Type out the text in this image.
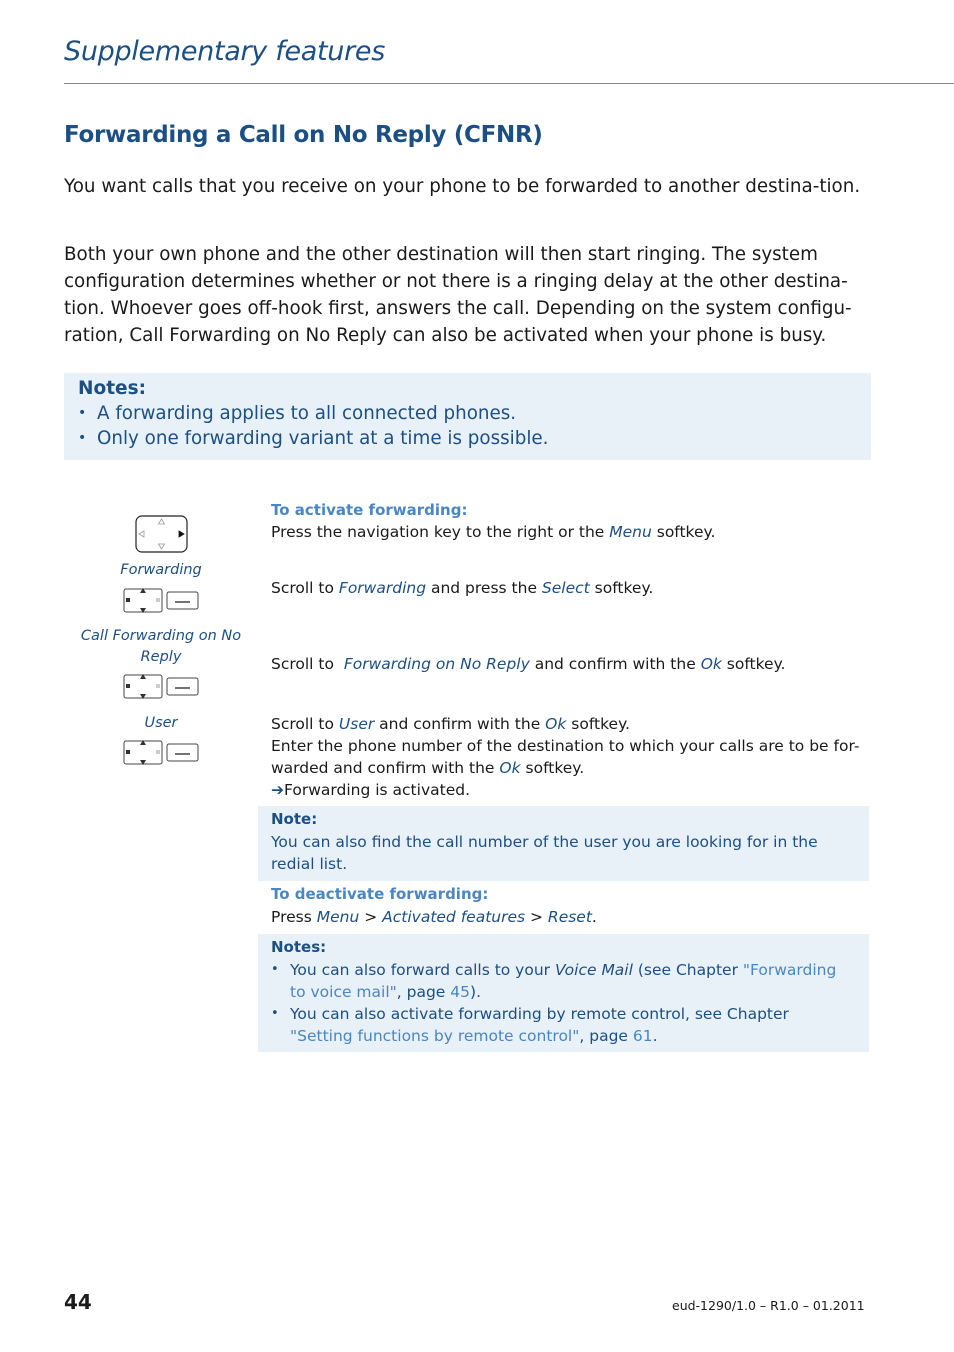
Supplementary features
Forwarding a Call on No Reply (CFNR)
You want calls that you receive on your phone to be forwarded to another destina-tion.
Both your own phone and the other destination will then start ringing. The system configuration determines whether or not there is a ringing delay at the other destina-tion. Whoever goes off-hook first, answers the call. Depending on the system configu-ration, Call Forwarding on No Reply can also be activated when your phone is busy.
Notes:
• A forwarding applies to all connected phones.
• Only one forwarding variant at a time is possible.
Forwarding
Call Forwarding on No Reply
User
To activate forwarding:
Press the navigation key to the right or the Menu softkey.
Scroll to Forwarding and press the Select softkey.
Scroll to  Forwarding on No Reply and confirm with the Ok softkey.
Scroll to User and confirm with the Ok softkey.
Enter the phone number of the destination to which your calls are to be for-warded and confirm with the Ok softkey.
➔Forwarding is activated.
Note:
You can also find the call number of the user you are looking for in the redial list.
To deactivate forwarding:
Press Menu > Activated features > Reset.
Notes:
• You can also forward calls to your Voice Mail (see Chapter "Forwarding to voice mail", page 45).
• You can also activate forwarding by remote control, see Chapter "Setting functions by remote control", page 61.
44	eud-1290/1.0 – R1.0 – 01.2011
